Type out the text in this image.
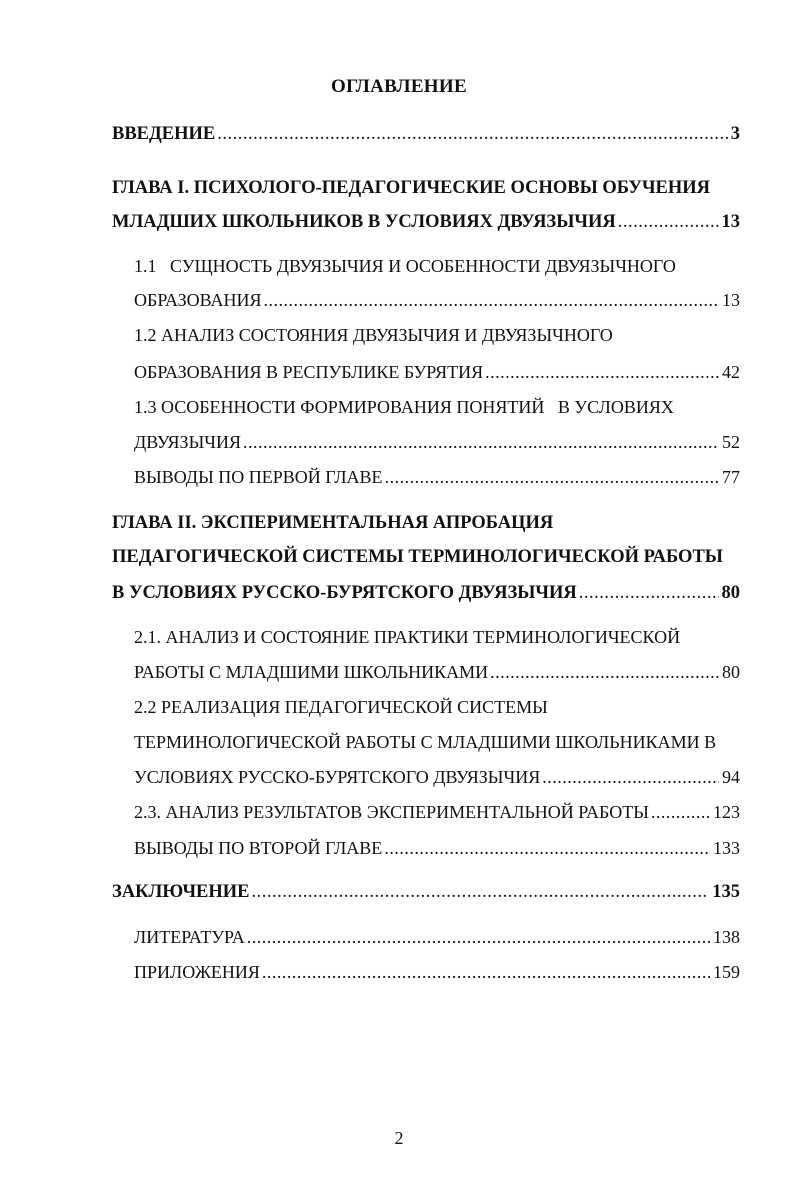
ОГЛАВЛЕНИЕ
ВВЕДЕНИЕ .....	3
ГЛАВА I. ПСИХОЛОГО-ПЕДАГОГИЧЕСКИЕ ОСНОВЫ ОБУЧЕНИЯ
МЛАДШИХ ШКОЛЬНИКОВ В УСЛОВИЯХ ДВУЯЗЫЧИЯ .....	13
1.1   СУЩНОСТЬ ДВУЯЗЫЧИЯ И ОСОБЕННОСТИ ДВУЯЗЫЧНОГО
ОБРАЗОВАНИЯ .....	13
1.2 АНАЛИЗ СОСТОЯНИЯ ДВУЯЗЫЧИЯ И ДВУЯЗЫЧНОГО
ОБРАЗОВАНИЯ В РЕСПУБЛИКЕ БУРЯТИЯ .....	42
1.3 ОСОБЕННОСТИ ФОРМИРОВАНИЯ ПОНЯТИЙ   В УСЛОВИЯХ
ДВУЯЗЫЧИЯ .....	52
ВЫВОДЫ ПО ПЕРВОЙ ГЛАВЕ .....	77
ГЛАВА II. ЭКСПЕРИМЕНТАЛЬНАЯ АПРОБАЦИЯ
ПЕДАГОГИЧЕСКОЙ СИСТЕМЫ ТЕРМИНОЛОГИЧЕСКОЙ РАБОТЫ
В УСЛОВИЯХ РУССКО-БУРЯТСКОГО ДВУЯЗЫЧИЯ .....	80
2.1. АНАЛИЗ И СОСТОЯНИЕ ПРАКТИКИ ТЕРМИНОЛОГИЧЕСКОЙ
РАБОТЫ С МЛАДШИМИ ШКОЛЬНИКАМИ .....	80
2.2 РЕАЛИЗАЦИЯ ПЕДАГОГИЧЕСКОЙ СИСТЕМЫ
ТЕРМИНОЛОГИЧЕСКОЙ РАБОТЫ С МЛАДШИМИ ШКОЛЬНИКАМИ В
УСЛОВИЯХ РУССКО-БУРЯТСКОГО ДВУЯЗЫЧИЯ .....	94
2.3. АНАЛИЗ РЕЗУЛЬТАТОВ ЭКСПЕРИМЕНТАЛЬНОЙ РАБОТЫ .....	123
ВЫВОДЫ ПО ВТОРОЙ ГЛАВЕ .....	133
ЗАКЛЮЧЕНИЕ .....	135
ЛИТЕРАТУРА .....	138
ПРИЛОЖЕНИЯ .....	159
2
